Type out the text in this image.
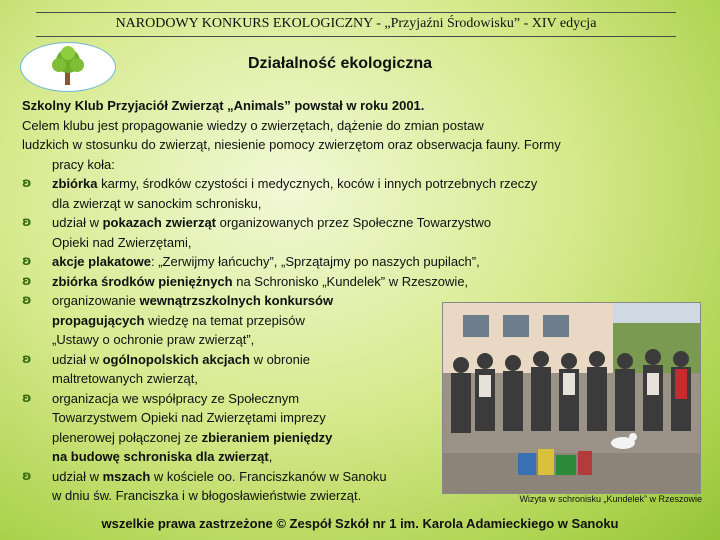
NARODOWY KONKURS EKOLOGICZNY - „Przyjaźni Środowisku” - XIV edycja
Działalność ekologiczna

Szkolny Klub Przyjaciół Zwierząt „Animals” powstał w roku 2001.

Celem klubu jest propagowanie wiedzy o zwierzętach, dążenie do zmian postaw

ludzkich w stosunku do zwierząt, niesienie pomocy zwierzętom oraz obserwacja fauny. Formy

pracy koła:

ʚ zbiórka karmy, środków czystości i medycznych, koców i innych potrzebnych rzeczy
dla zwierząt w sanockim schronisku,
ʚ udział w pokazach zwierząt organizowanych przez Społeczne Towarzystwo
Opieki nad Zwierzętami,
ʚ akcje plakatowe: „Zerwijmy łańcuchy”, „Sprzątajmy po naszych pupilach”,
ʚ zbiórka środków pieniężnych na Schronisko „Kundelek” w Rzeszowie,
ʚ organizowanie wewnątrzszkolnych konkursów
propagujących wiedzę na temat przepisów
„Ustawy o ochronie praw zwierząt”,
ʚ udział w ogólnopolskich akcjach w obronie
maltretowanych zwierząt,
ʚ organizacja we współpracy ze Społecznym
Towarzystwem Opieki nad Zwierzętami imprezy
plenerowej połączonej ze zbieraniem pieniędzy
na budowę schroniska dla zwierząt,
ʚ udział w mszach w kościele oo. Franciszkanów w Sanoku
w dniu św. Franciszka i w błogosławieństwie zwierząt.	Wizyta w schronisku „Kundelek” w Rzeszowie
wszelkie prawa zastrzeżone © Zespół Szkół nr 1 im. Karola Adamieckiego w Sanoku
